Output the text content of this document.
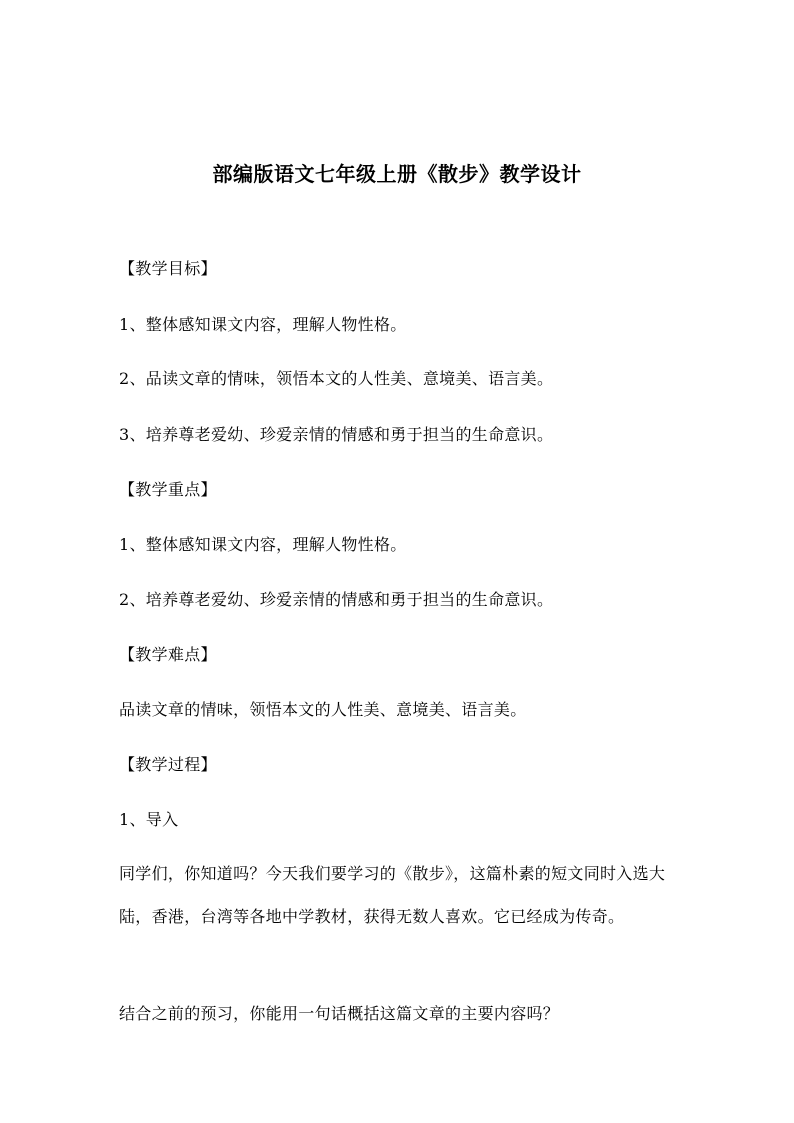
部编版语文七年级上册《散步》教学设计
【教学目标】
1、整体感知课文内容，理解人物性格。
2、品读文章的情味，领悟本文的人性美、意境美、语言美。
3、培养尊老爱幼、珍爱亲情的情感和勇于担当的生命意识。
【教学重点】
1、整体感知课文内容，理解人物性格。
2、培养尊老爱幼、珍爱亲情的情感和勇于担当的生命意识。
【教学难点】
品读文章的情味，领悟本文的人性美、意境美、语言美。
【教学过程】
1、导入
同学们，你知道吗？今天我们要学习的《散步》，这篇朴素的短文同时入选大陆，香港，台湾等各地中学教材，获得无数人喜欢。它已经成为传奇。
结合之前的预习，你能用一句话概括这篇文章的主要内容吗？
